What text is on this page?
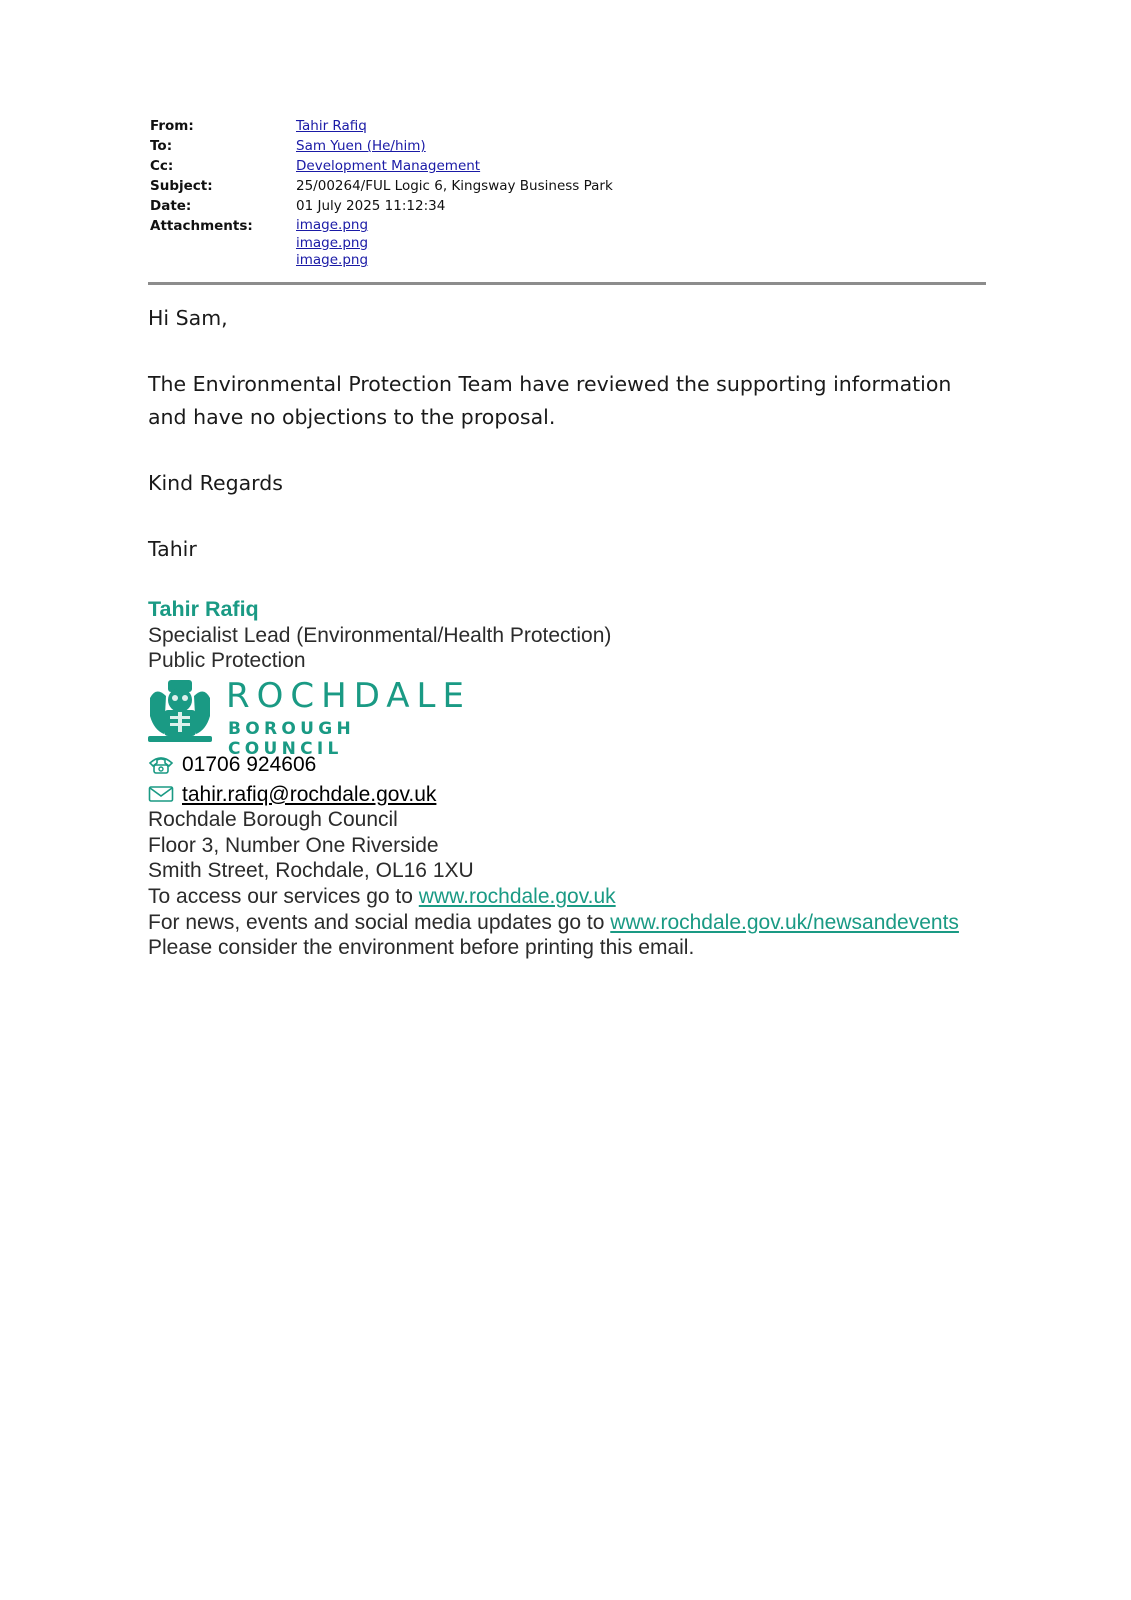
From:	Tahir Rafiq
To:	Sam Yuen (He/him)
Cc:	Development Management
Subject:	25/00264/FUL Logic 6, Kingsway Business Park
Date:	01 July 2025 11:12:34
Attachments:	image.png
image.png
image.png
Hi Sam,
The Environmental Protection Team have reviewed the supporting information and have no objections to the proposal.
Kind Regards
Tahir
Tahir Rafiq
Specialist Lead (Environmental/Health Protection)
Public Protection
ROCHDALE
BOROUGH COUNCIL
01706 924606
tahir.rafiq@rochdale.gov.uk
Rochdale Borough Council
Floor 3, Number One Riverside
Smith Street, Rochdale, OL16 1XU
To access our services go to www.rochdale.gov.uk
For news, events and social media updates go to www.rochdale.gov.uk/newsandevents
Please consider the environment before printing this email.
